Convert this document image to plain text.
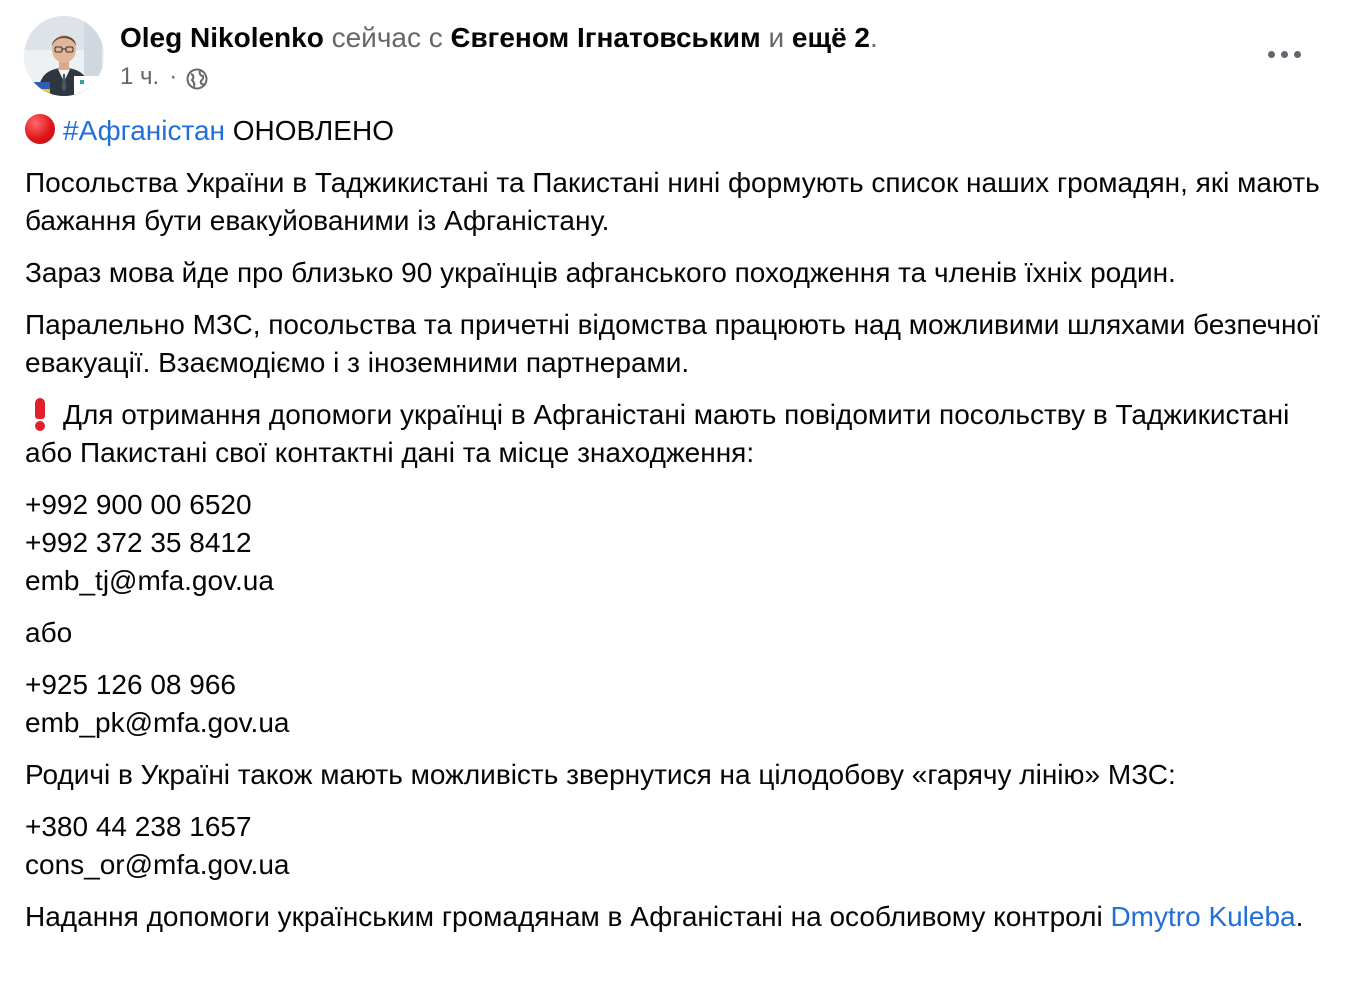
Oleg Nikolenko сейчас с Євгеном Ігнатовським и ещё 2.
1 ч. ·

#Афганістан ОНОВЛЕНО

Посольства України в Таджикистані та Пакистані нині формують список наших громадян, які мають бажання бути евакуйованими із Афганістану.

Зараз мова йде про близько 90 українців афганського походження та членів їхніх родин.

Паралельно МЗС, посольства та причетні відомства працюють над можливими шляхами безпечної евакуації. Взаємодіємо і з іноземними партнерами.

Для отримання допомоги українці в Афганістані мають повідомити посольству в Таджикистані або Пакистані свої контактні дані та місце знаходження:

+992 900 00 6520
+992 372 35 8412
emb_tj@mfa.gov.ua

або

+925 126 08 966
emb_pk@mfa.gov.ua

Родичі в Україні також мають можливість звернутися на цілодобову «гарячу лінію» МЗС:

+380 44 238 1657
cons_or@mfa.gov.ua

Надання допомоги українським громадянам в Афганістані на особливому контролі Dmytro Kuleba.
